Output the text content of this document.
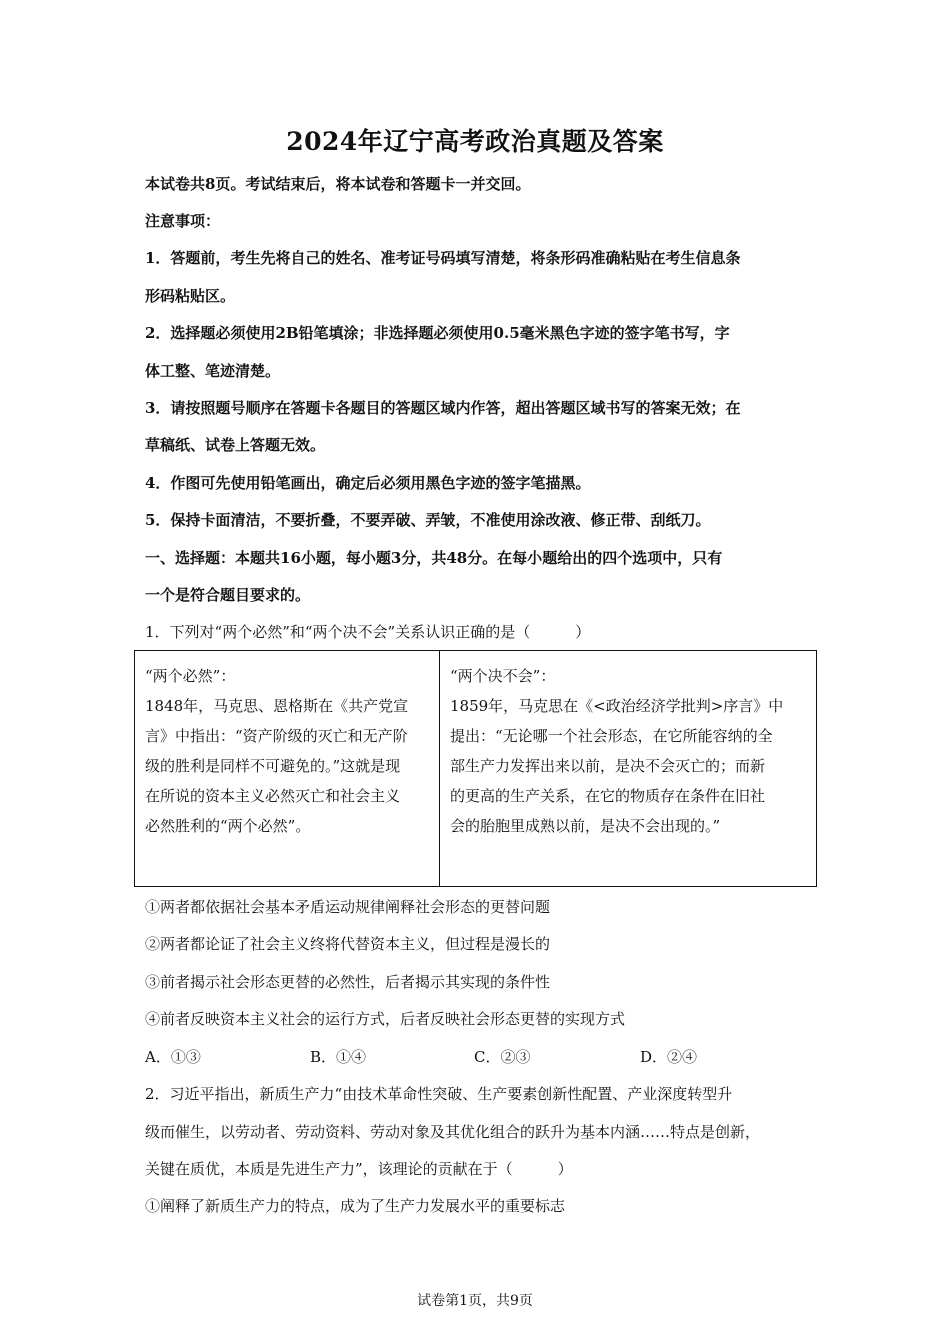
2024年辽宁高考政治真题及答案
本试卷共8页。考试结束后，将本试卷和答题卡一并交回。
注意事项：
1．答题前，考生先将自己的姓名、准考证号码填写清楚，将条形码准确粘贴在考生信息条
形码粘贴区。
2．选择题必须使用2B铅笔填涂；非选择题必须使用0.5毫米黑色字迹的签字笔书写，字
体工整、笔迹清楚。
3．请按照题号顺序在答题卡各题目的答题区域内作答，超出答题区域书写的答案无效；在
草稿纸、试卷上答题无效。
4．作图可先使用铅笔画出，确定后必须用黑色字迹的签字笔描黑。
5．保持卡面清洁，不要折叠，不要弄破、弄皱，不准使用涂改液、修正带、刮纸刀。
一、选择题：本题共16小题，每小题3分，共48分。在每小题给出的四个选项中，只有
一个是符合题目要求的。
1．下列对“两个必然”和“两个决不会”关系认识正确的是（　　　）
“两个必然”：
1848年，马克思、恩格斯在《共产党宣
言》中指出：“资产阶级的灭亡和无产阶
级的胜利是同样不可避免的。”这就是现
在所说的资本主义必然灭亡和社会主义
必然胜利的“两个必然”。

“两个决不会”：
1859年，马克思在《<政治经济学批判>序言》中
提出：“无论哪一个社会形态，在它所能容纳的全
部生产力发挥出来以前，是决不会灭亡的；而新
的更高的生产关系，在它的物质存在条件在旧社
会的胎胞里成熟以前，是决不会出现的。”
①两者都依据社会基本矛盾运动规律阐释社会形态的更替问题
②两者都论证了社会主义终将代替资本主义，但过程是漫长的
③前者揭示社会形态更替的必然性，后者揭示其实现的条件性
④前者反映资本主义社会的运行方式，后者反映社会形态更替的实现方式
A．①③	B．①④	C．②③	D．②④
2．习近平指出，新质生产力“由技术革命性突破、生产要素创新性配置、产业深度转型升
级而催生，以劳动者、劳动资料、劳动对象及其优化组合的跃升为基本内涵……特点是创新，
关键在质优，本质是先进生产力”，该理论的贡献在于（　　　）
①阐释了新质生产力的特点，成为了生产力发展水平的重要标志
试卷第1页，共9页
